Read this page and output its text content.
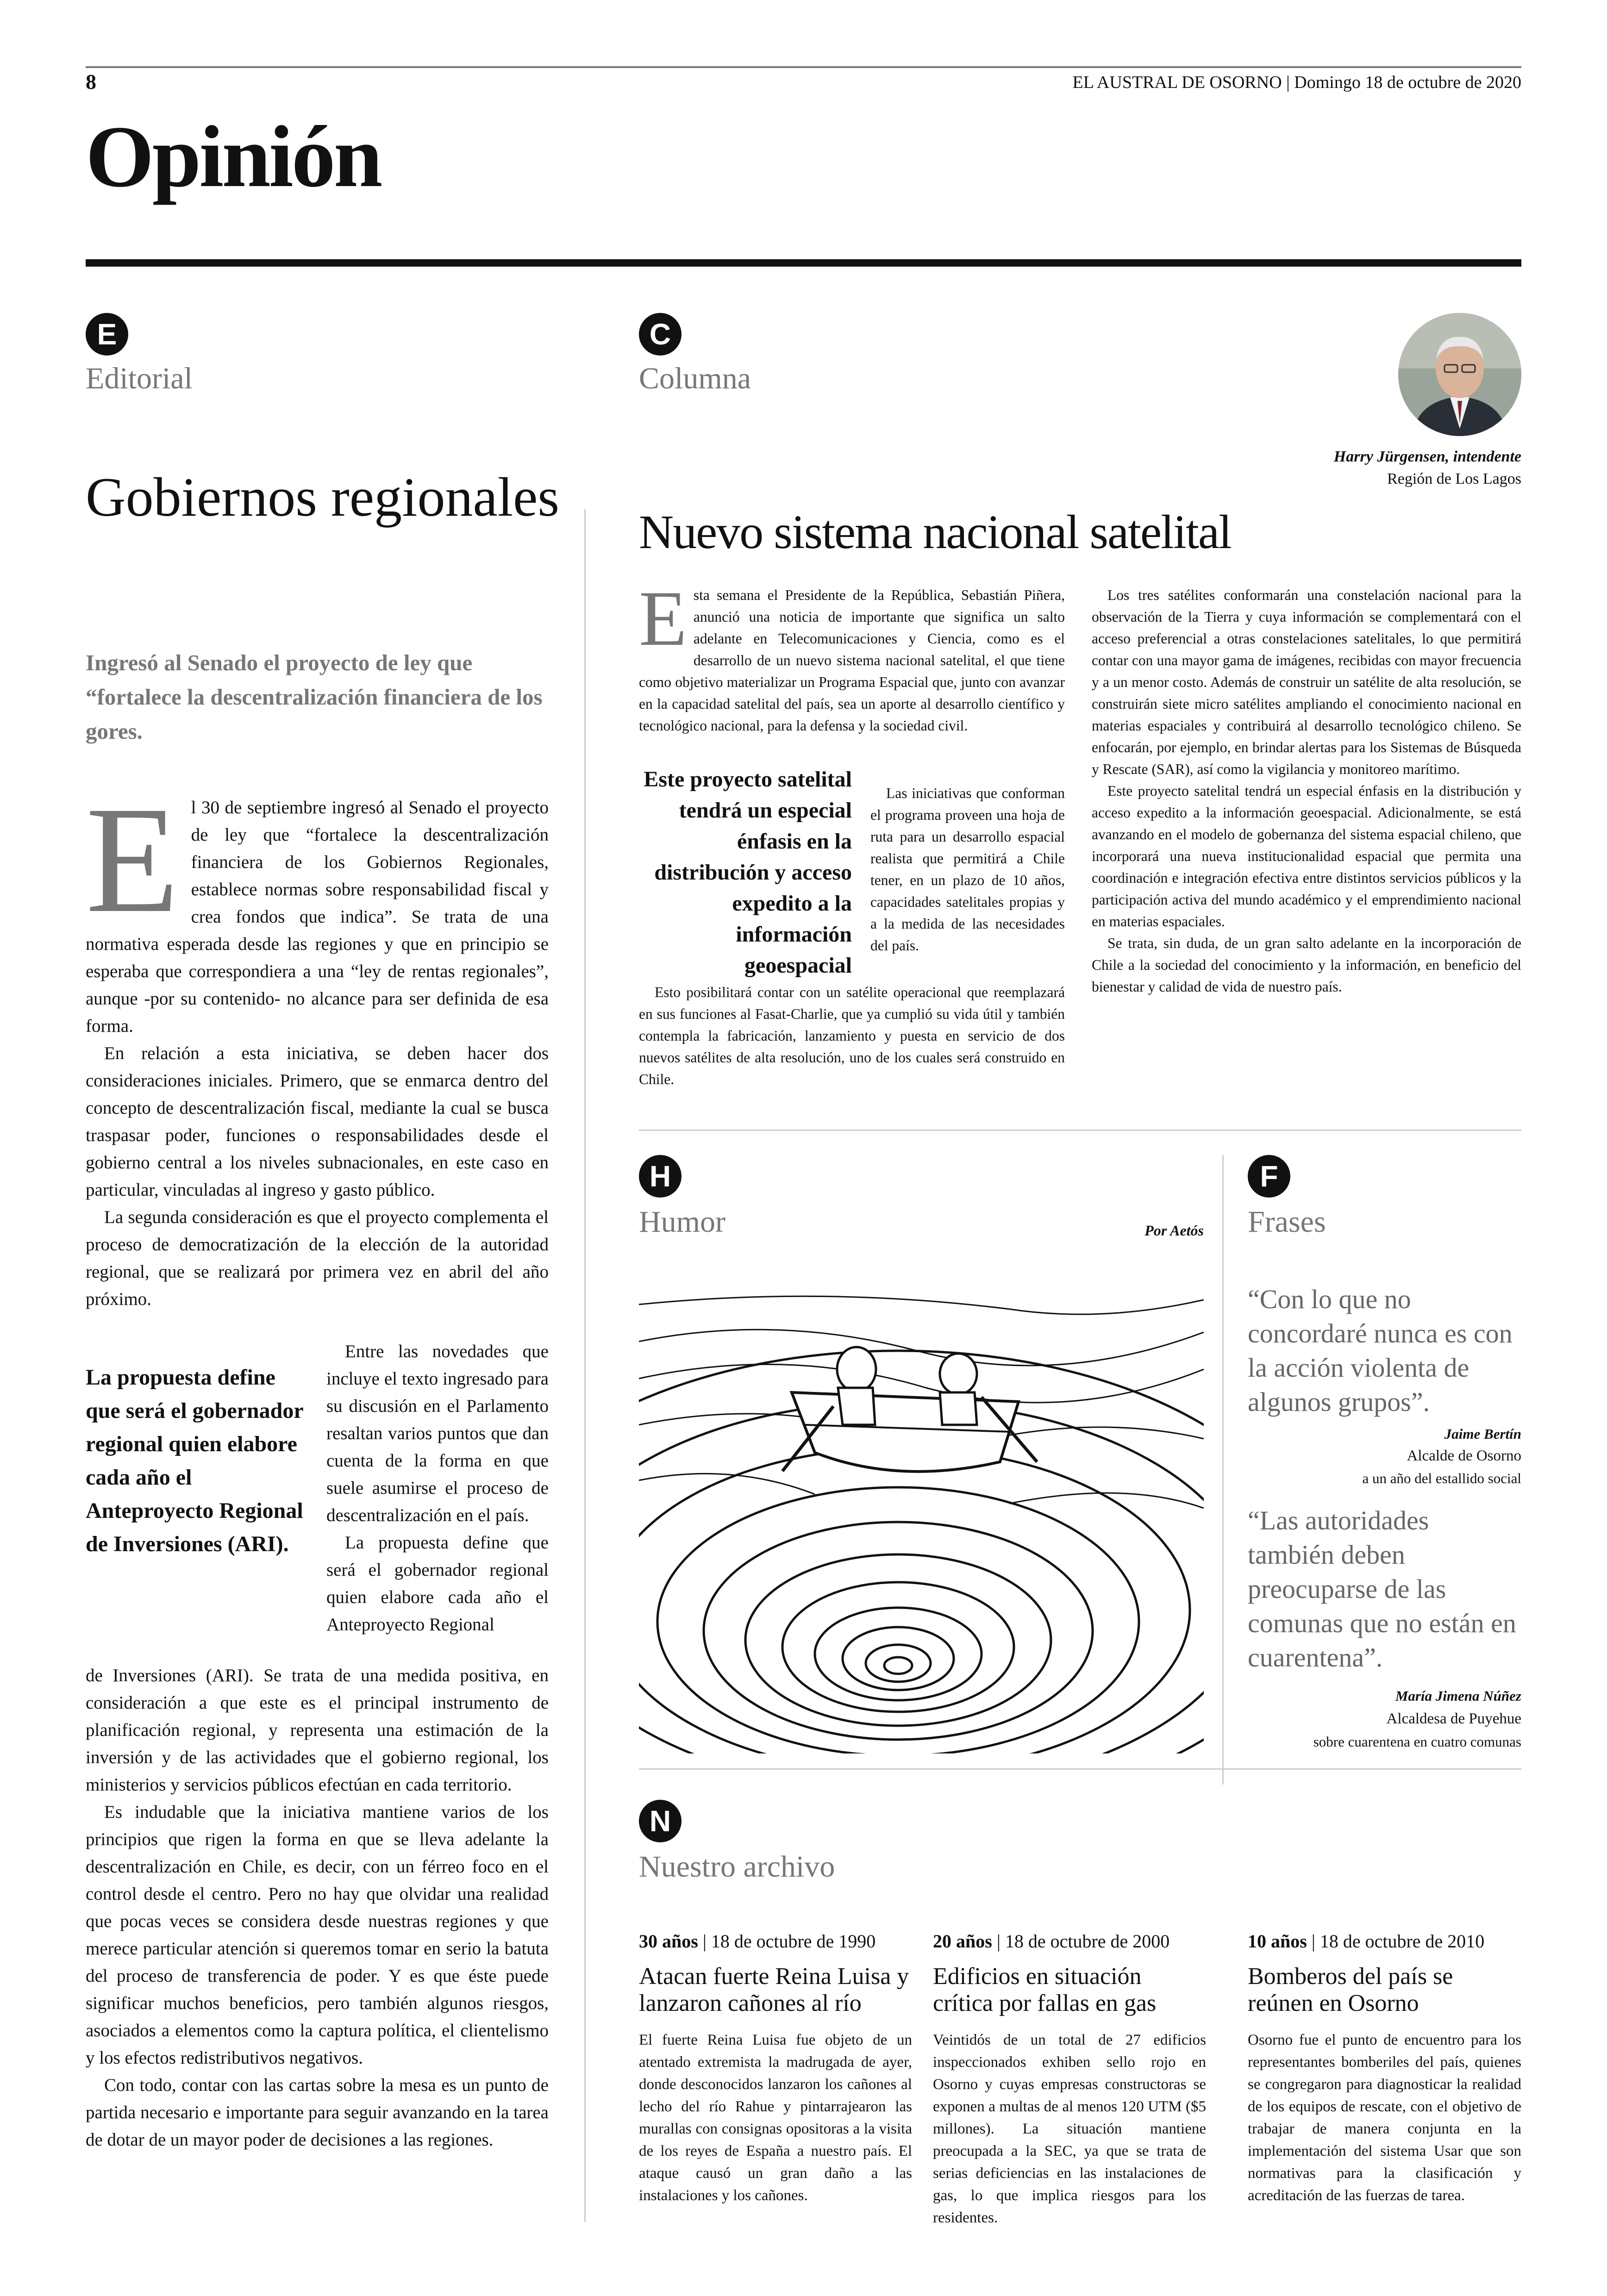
8	EL AUSTRAL DE OSORNO | Domingo 18 de octubre de 2020
Opinión
E
Editorial
Gobiernos regionales
Ingresó al Senado el proyecto de ley que “fortalece la descentralización financiera de los gores.
E l 30 de septiembre ingresó al Senado el proyecto de ley que “fortalece la descentralización financiera de los Gobiernos Regionales, establece normas sobre responsabilidad fiscal y crea fondos que indica”. Se trata de una normativa esperada desde las regiones y que en principio se esperaba que correspondiera a una “ley de rentas regionales”, aunque -por su contenido- no alcance para ser definida de esa forma.

En relación a esta iniciativa, se deben hacer dos consideraciones iniciales. Primero, que se enmarca dentro del concepto de descentralización fiscal, mediante la cual se busca traspasar poder, funciones o responsabilidades desde el gobierno central a los niveles subnacionales, en este caso en particular, vinculadas al ingreso y gasto público.

La segunda consideración es que el proyecto complementa el proceso de democratización de la elección de la autoridad regional, que se realizará por primera vez en abril del año próximo.

La propuesta define que será el gobernador regional quien elabore cada año el Anteproyecto Regional de Inversiones (ARI).

Entre las novedades que incluye el texto ingresado para su discusión en el Parlamento resaltan varios puntos que dan cuenta de la forma en que suele asumirse el proceso de descentralización en el país.

La propuesta define que será el gobernador regional quien elabore cada año el Anteproyecto Regional

de Inversiones (ARI). Se trata de una medida positiva, en consideración a que este es el principal instrumento de planificación regional, y representa una estimación de la inversión y de las actividades que el gobierno regional, los ministerios y servicios públicos efectúan en cada territorio.

Es indudable que la iniciativa mantiene varios de los principios que rigen la forma en que se lleva adelante la descentralización en Chile, es decir, con un férreo foco en el control desde el centro. Pero no hay que olvidar una realidad que pocas veces se considera desde nuestras regiones y que merece particular atención si queremos tomar en serio la batuta del proceso de transferencia de poder. Y es que éste puede significar muchos beneficios, pero también algunos riesgos, asociados a elementos como la captura política, el clientelismo y los efectos redistributivos negativos.

Con todo, contar con las cartas sobre la mesa es un punto de partida necesario e importante para seguir avanzando en la tarea de dotar de un mayor poder de decisiones a las regiones.

C
Columna
Harry Jürgensen, intendente
Región de Los Lagos
Nuevo sistema nacional satelital
E sta semana el Presidente de la República, Sebastián Piñera, anunció una noticia de importante que significa un salto adelante en Telecomunicaciones y Ciencia, como es el desarrollo de un nuevo sistema nacional satelital, el que tiene como objetivo materializar un Programa Espacial que, junto con avanzar en la capacidad satelital del país, sea un aporte al desarrollo científico y tecnológico nacional, para la defensa y la sociedad civil.

Este proyecto satelital tendrá un especial énfasis en la distribución y acceso expedito a la información geoespacial

Las iniciativas que conforman el programa proveen una hoja de ruta para un desarrollo espacial realista que permitirá a Chile tener, en un plazo de 10 años, capacidades satelitales propias y a la medida de las necesidades del país.

Esto posibilitará contar con un satélite operacional que reemplazará en sus funciones al Fasat-Charlie, que ya cumplió su vida útil y también contempla la fabricación, lanzamiento y puesta en servicio de dos nuevos satélites de alta resolución, uno de los cuales será construido en Chile.

Los tres satélites conformarán una constelación nacional para la observación de la Tierra y cuya información se complementará con el acceso preferencial a otras constelaciones satelitales, lo que permitirá contar con una mayor gama de imágenes, recibidas con mayor frecuencia y a un menor costo. Además de construir un satélite de alta resolución, se construirán siete micro satélites ampliando el conocimiento nacional en materias espaciales y contribuirá al desarrollo tecnológico chileno. Se enfocarán, por ejemplo, en brindar alertas para los Sistemas de Búsqueda y Rescate (SAR), así como la vigilancia y monitoreo marítimo.

Este proyecto satelital tendrá un especial énfasis en la distribución y acceso expedito a la información geoespacial. Adicionalmente, se está avanzando en el modelo de gobernanza del sistema espacial chileno, que incorporará una nueva institucionalidad espacial que permita una coordinación e integración efectiva entre distintos servicios públicos y la participación activa del mundo académico y el emprendimiento nacional en materias espaciales.

Se trata, sin duda, de un gran salto adelante en la incorporación de Chile a la sociedad del conocimiento y la información, en beneficio del bienestar y calidad de vida de nuestro país.

H
Humor	Por Aetós
F
Frases
“Con lo que no concordaré nunca es con la acción violenta de algunos grupos”.
Jaime Bertín
Alcalde de Osorno
a un año del estallido social
“Las autoridades también deben preocuparse de las comunas que no están en cuarentena”.
María Jimena Núñez
Alcaldesa de Puyehue
sobre cuarentena en cuatro comunas
N
Nuestro archivo
30 años | 18 de octubre de 1990
Atacan fuerte Reina Luisa y lanzaron cañones al río
El fuerte Reina Luisa fue objeto de un atentado extremista la madrugada de ayer, donde desconocidos lanzaron los cañones al lecho del río Rahue y pintarrajearon las murallas con consignas opositoras a la visita de los reyes de España a nuestro país. El ataque causó un gran daño a las instalaciones y los cañones.
20 años | 18 de octubre de 2000
Edificios en situación crítica por fallas en gas
Veintidós de un total de 27 edificios inspeccionados exhiben sello rojo en Osorno y cuyas empresas constructoras se exponen a multas de al menos 120 UTM ($5 millones). La situación mantiene preocupada a la SEC, ya que se trata de serias deficiencias en las instalaciones de gas, lo que implica riesgos para los residentes.
10 años | 18 de octubre de 2010
Bomberos del país se reúnen en Osorno
Osorno fue el punto de encuentro para los representantes bomberiles del país, quienes se congregaron para diagnosticar la realidad de los equipos de rescate, con el objetivo de trabajar de manera conjunta en la implementación del sistema Usar que son normativas para la clasificación y acreditación de las fuerzas de tarea.
